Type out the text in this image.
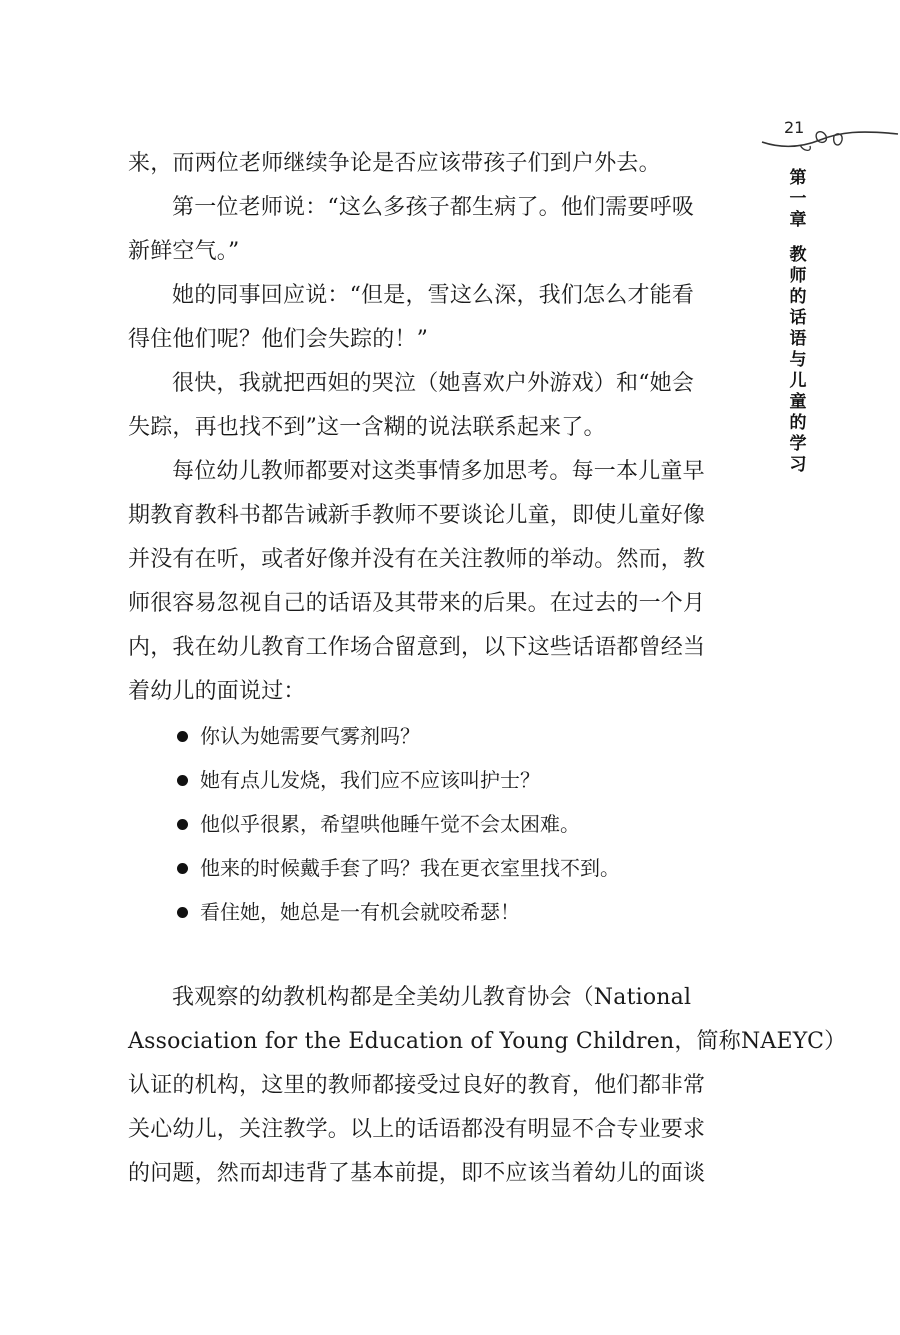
21
第
一
章
教
师
的
话
语
与
儿
童
的
学
习
来，而两位老师继续争论是否应该带孩子们到户外去。
第一位老师说：“这么多孩子都生病了。他们需要呼吸
新鲜空气。”
她的同事回应说：“但是，雪这么深，我们怎么才能看
得住他们呢？他们会失踪的！”
很快，我就把西妲的哭泣（她喜欢户外游戏）和“她会
失踪，再也找不到”这一含糊的说法联系起来了。
每位幼儿教师都要对这类事情多加思考。每一本儿童早
期教育教科书都告诫新手教师不要谈论儿童，即使儿童好像
并没有在听，或者好像并没有在关注教师的举动。然而，教
师很容易忽视自己的话语及其带来的后果。在过去的一个月
内，我在幼儿教育工作场合留意到，以下这些话语都曾经当
着幼儿的面说过：
你认为她需要气雾剂吗？
她有点儿发烧，我们应不应该叫护士？
他似乎很累，希望哄他睡午觉不会太困难。
他来的时候戴手套了吗？我在更衣室里找不到。
看住她，她总是一有机会就咬希瑟！
我观察的幼教机构都是全美幼儿教育协会（National
Association for the Education of Young Children，简称NAEYC）
认证的机构，这里的教师都接受过良好的教育，他们都非常
关心幼儿，关注教学。以上的话语都没有明显不合专业要求
的问题，然而却违背了基本前提，即不应该当着幼儿的面谈
